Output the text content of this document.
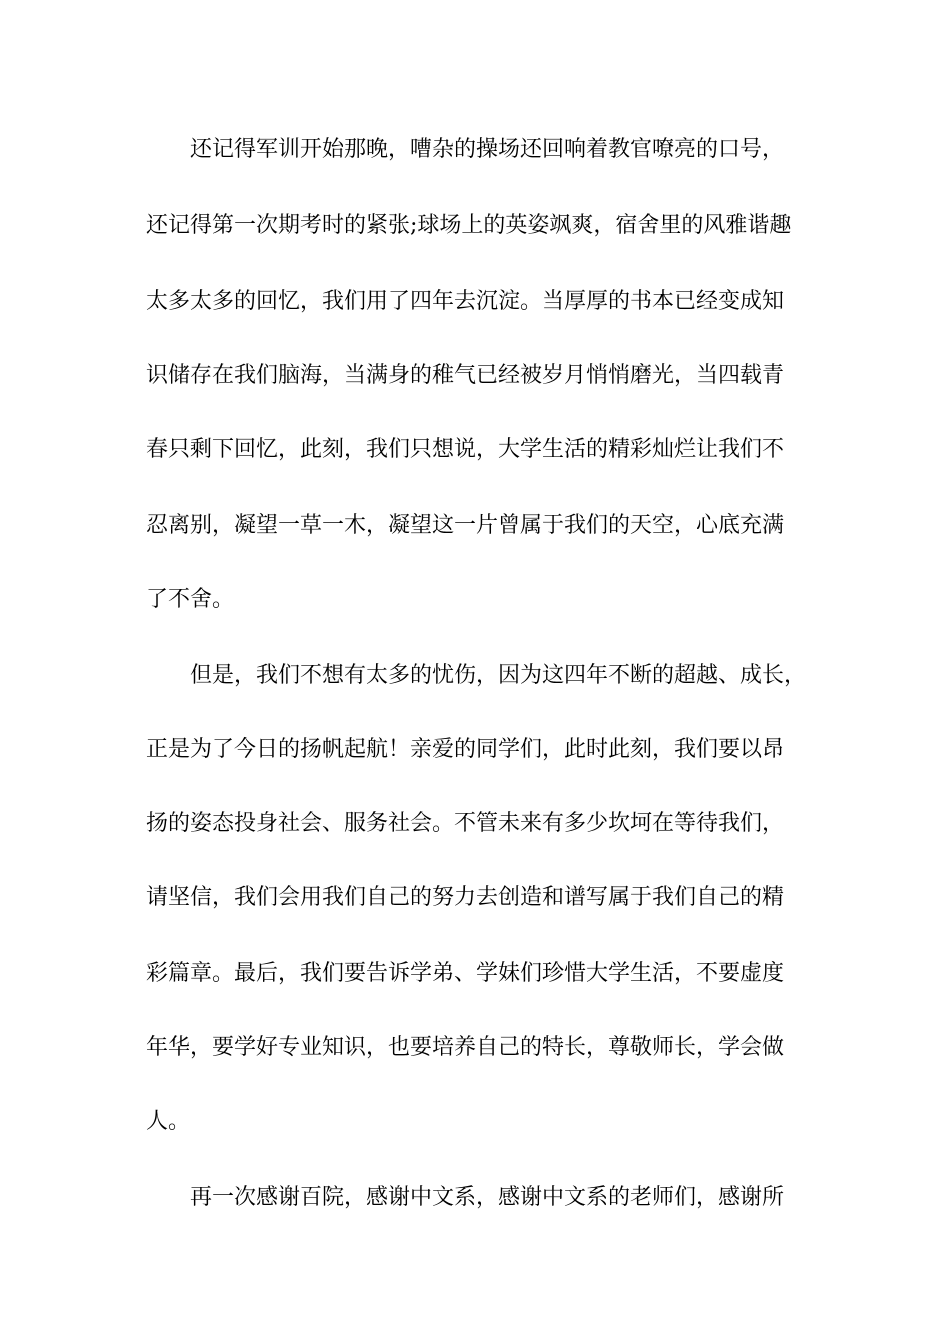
还记得军训开始那晚，嘈杂的操场还回响着教官嘹亮的口号，
还记得第一次期考时的紧张;球场上的英姿飒爽，宿舍里的风雅谐趣
太多太多的回忆，我们用了四年去沉淀。当厚厚的书本已经变成知
识储存在我们脑海，当满身的稚气已经被岁月悄悄磨光，当四载青
春只剩下回忆，此刻，我们只想说，大学生活的精彩灿烂让我们不
忍离别，凝望一草一木，凝望这一片曾属于我们的天空，心底充满
了不舍。
但是，我们不想有太多的忧伤，因为这四年不断的超越、成长，
正是为了今日的扬帆起航！亲爱的同学们，此时此刻，我们要以昂
扬的姿态投身社会、服务社会。不管未来有多少坎坷在等待我们，
请坚信，我们会用我们自己的努力去创造和谱写属于我们自己的精
彩篇章。最后，我们要告诉学弟、学妹们珍惜大学生活，不要虚度
年华，要学好专业知识，也要培养自己的特长，尊敬师长，学会做
人。
再一次感谢百院，感谢中文系，感谢中文系的老师们，感谢所
